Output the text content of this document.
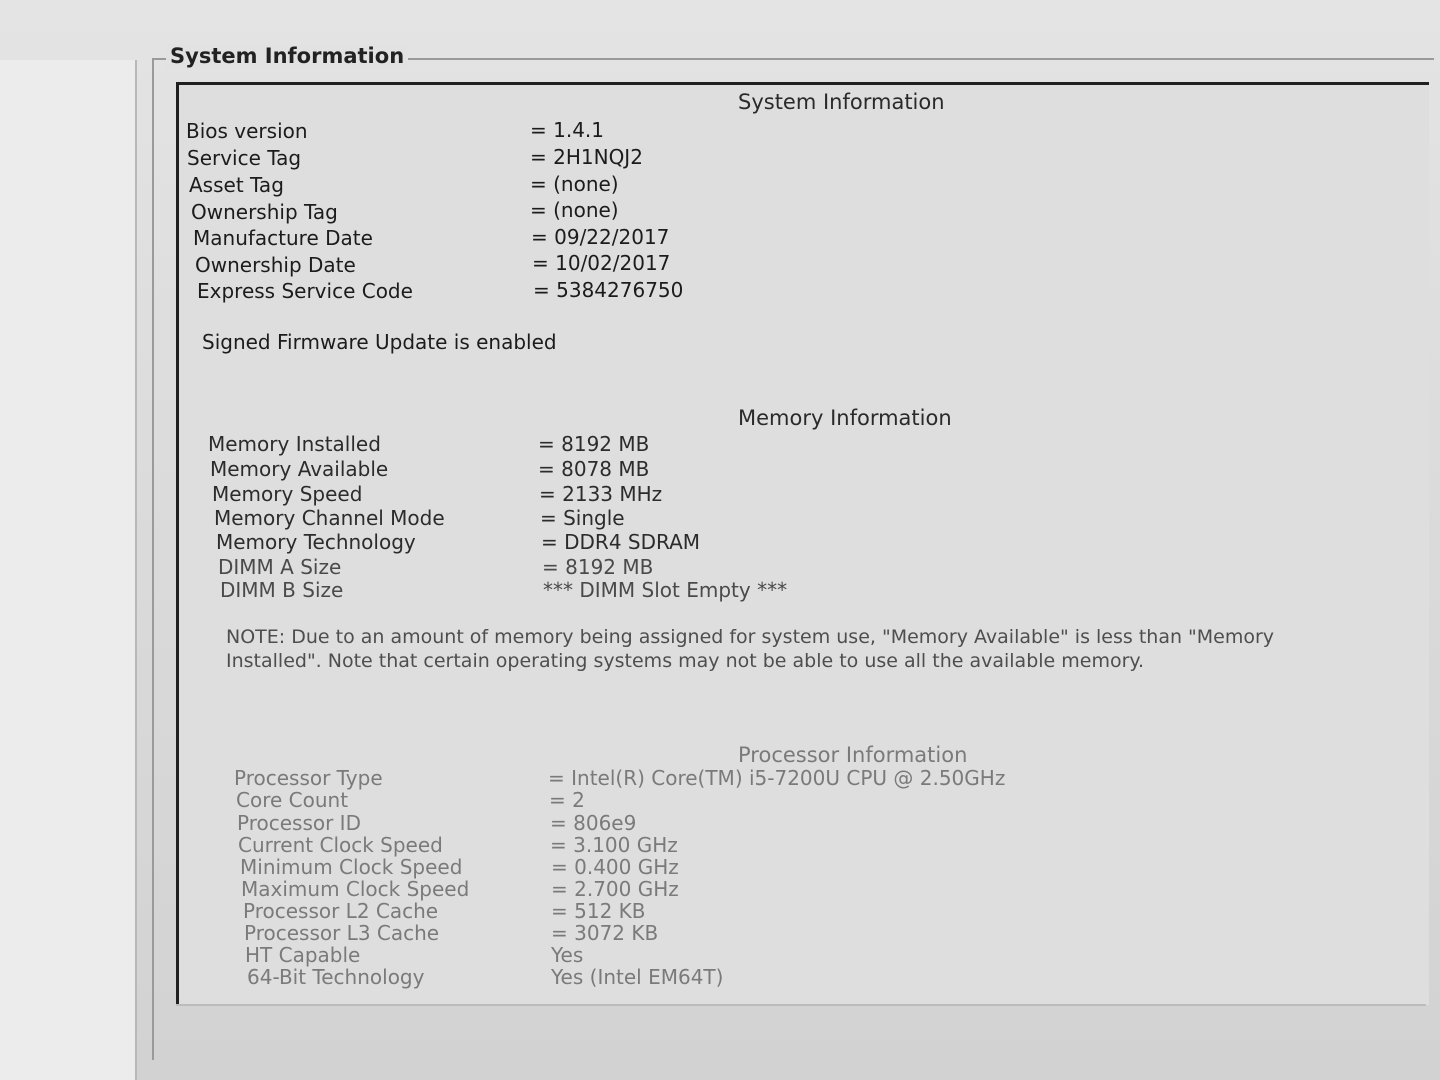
System Information
System Information
Bios version	= 1.4.1
Service Tag	= 2H1NQJ2
Asset Tag	= (none)
Ownership Tag	= (none)
Manufacture Date	= 09/22/2017
Ownership Date	= 10/02/2017
Express Service Code	= 5384276750
Signed Firmware Update is enabled
Memory Information
Memory Installed	= 8192 MB
Memory Available	= 8078 MB
Memory Speed	= 2133 MHz
Memory Channel Mode	= Single
Memory Technology	= DDR4 SDRAM
DIMM A Size	= 8192 MB
DIMM B Size	*** DIMM Slot Empty ***
NOTE: Due to an amount of memory being assigned for system use, "Memory Available" is less than "Memory Installed". Note that certain operating systems may not be able to use all the available memory.
Processor Information
Processor Type	= Intel(R) Core(TM) i5-7200U CPU @ 2.50GHz
Core Count	= 2
Processor ID	= 806e9
Current Clock Speed	= 3.100 GHz
Minimum Clock Speed	= 0.400 GHz
Maximum Clock Speed	= 2.700 GHz
Processor L2 Cache	= 512 KB
Processor L3 Cache	= 3072 KB
HT Capable	Yes
64-Bit Technology	Yes (Intel EM64T)
